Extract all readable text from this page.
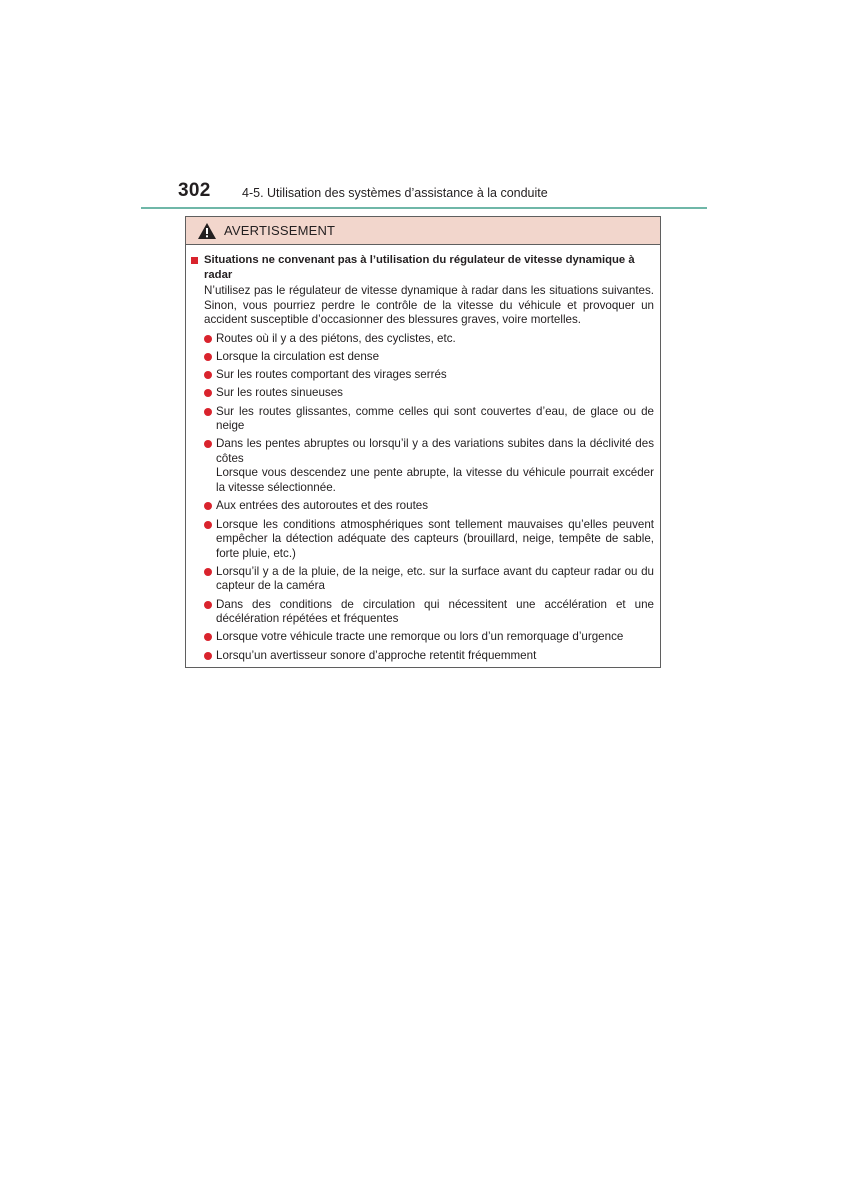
302	4-5. Utilisation des systèmes d’assistance à la conduite
AVERTISSEMENT
Situations ne convenant pas à l’utilisation du régulateur de vitesse dynamique à radar
N’utilisez pas le régulateur de vitesse dynamique à radar dans les situations suivantes. Sinon, vous pourriez perdre le contrôle de la vitesse du véhicule et provoquer un accident susceptible d’occasionner des blessures graves, voire mortelles.
Routes où il y a des piétons, des cyclistes, etc.
Lorsque la circulation est dense
Sur les routes comportant des virages serrés
Sur les routes sinueuses
Sur les routes glissantes, comme celles qui sont couvertes d’eau, de glace ou de neige
Dans les pentes abruptes ou lorsqu’il y a des variations subites dans la déclivité des côtes
Lorsque vous descendez une pente abrupte, la vitesse du véhicule pourrait excéder la vitesse sélectionnée.
Aux entrées des autoroutes et des routes
Lorsque les conditions atmosphériques sont tellement mauvaises qu’elles peuvent empêcher la détection adéquate des capteurs (brouillard, neige, tempête de sable, forte pluie, etc.)
Lorsqu’il y a de la pluie, de la neige, etc. sur la surface avant du capteur radar ou du capteur de la caméra
Dans des conditions de circulation qui nécessitent une accélération et une décélération répétées et fréquentes
Lorsque votre véhicule tracte une remorque ou lors d’un remorquage d’urgence
Lorsqu’un avertisseur sonore d’approche retentit fréquemment
